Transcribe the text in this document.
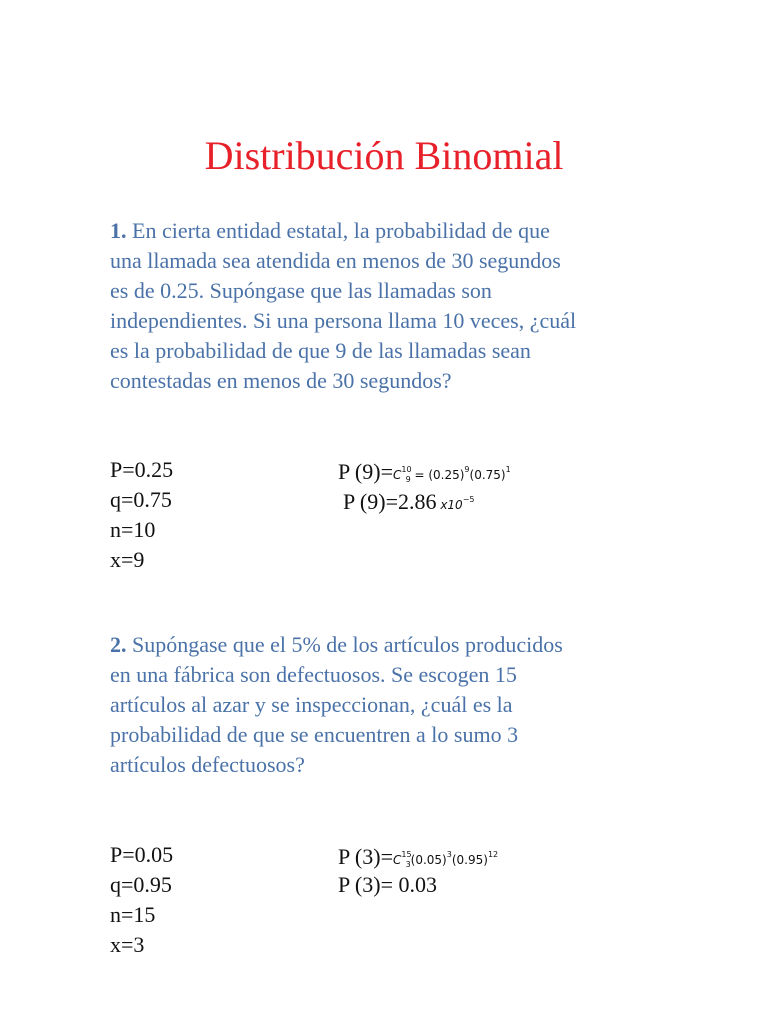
Distribución Binomial
1. En cierta entidad estatal, la probabilidad de que
una llamada sea atendida en menos de 30 segundos
es de 0.25. Supóngase que las llamadas son
independientes. Si una persona llama 10 veces, ¿cuál
es la probabilidad de que 9 de las llamadas sean
contestadas en menos de 30 segundos?
P=0.25
q=0.75
n=10
x=9
P $(9)=C^{10}_9 = (0.25)^9(0.75)^1$
P (9)=2.86 $x10^{-5}$
2. Supóngase que el 5% de los artículos producidos
en una fábrica son defectuosos. Se escogen 15
artículos al azar y se inspeccionan, ¿cuál es la
probabilidad de que se encuentren a lo sumo 3
artículos defectuosos?
P=0.05
q=0.95
n=15
x=3
P $(3)=C^{15}_3(0.05)^3(0.95)^{12}$
P (3)= 0.03
